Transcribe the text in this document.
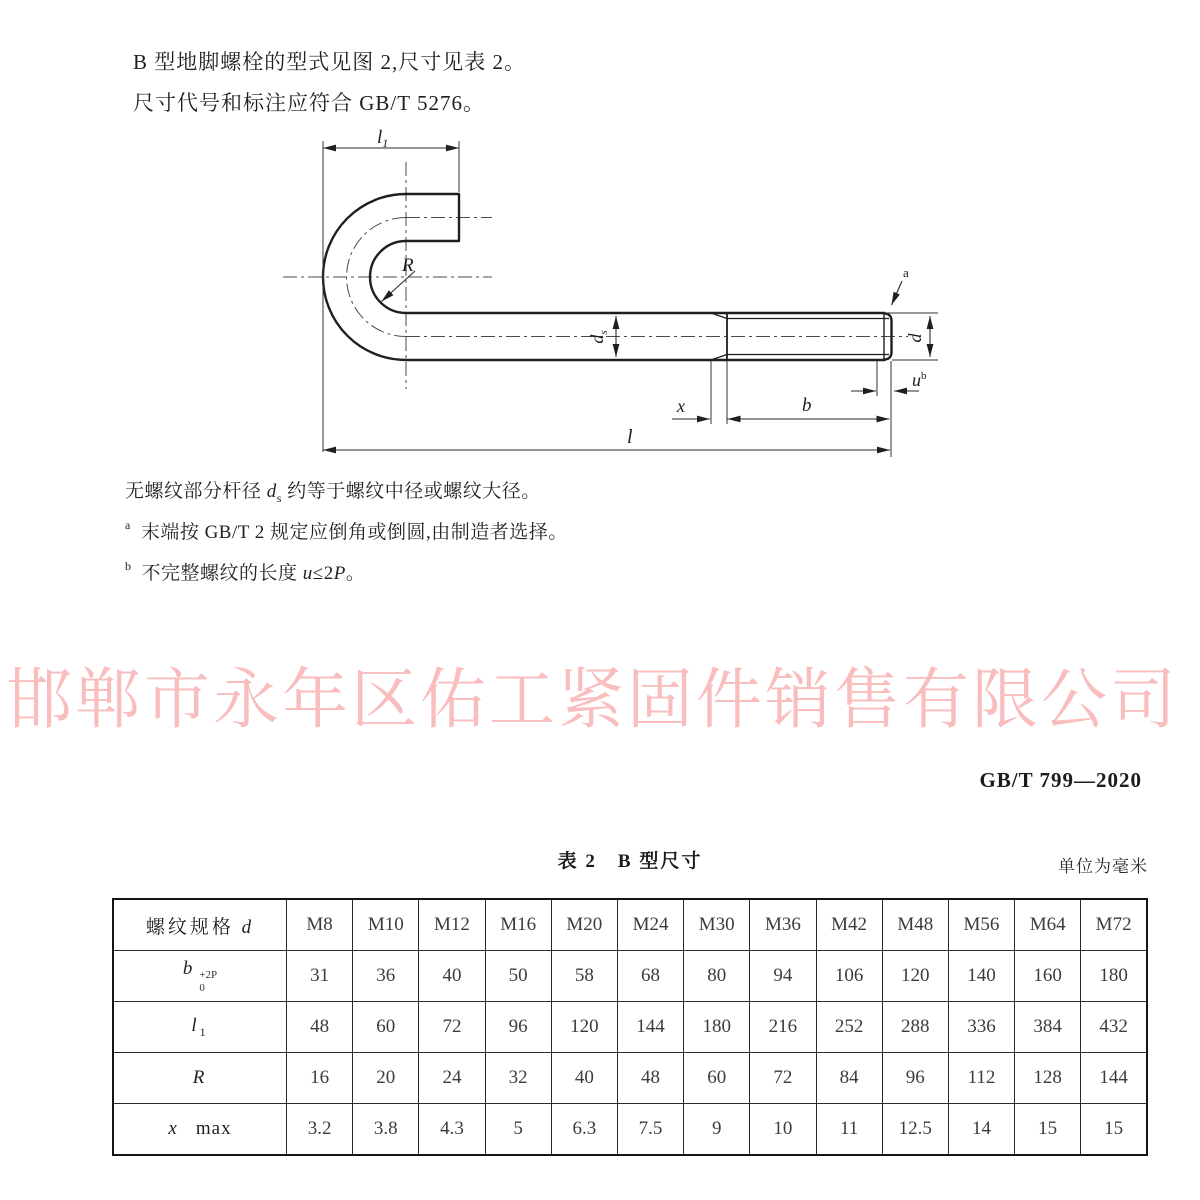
B 型地脚螺栓的型式见图 2,尺寸见表 2。
尺寸代号和标注应符合 GB/T 5276。
$l_1$
R
$d_s$
a
d
$u^b$
x	b
l
无螺纹部分杆径 $d_s$ 约等于螺纹中径或螺纹大径。
$^a$ 末端按 GB/T 2 规定应倒角或倒圆,由制造者选择。
$^b$ 不完整螺纹的长度 u≤2P。
邯郸市永年区佑工紧固件销售有限公司
GB/T 799—2020
表 2　B 型尺寸	单位为毫米
螺纹规格 d	M8	M10	M12	M16	M20	M24	M30	M36	M42	M48	M56	M64	M72
b +2P
0	31	36	40	50	58	68	80	94	106	120	140	160	180
$l_1$	48	60	72	96	120	144	180	216	252	288	336	384	432
R	16	20	24	32	40	48	60	72	84	96	112	128	144
x max	3.2	3.8	4.3	5	6.3	7.5	9	10	11	12.5	14	15	15
